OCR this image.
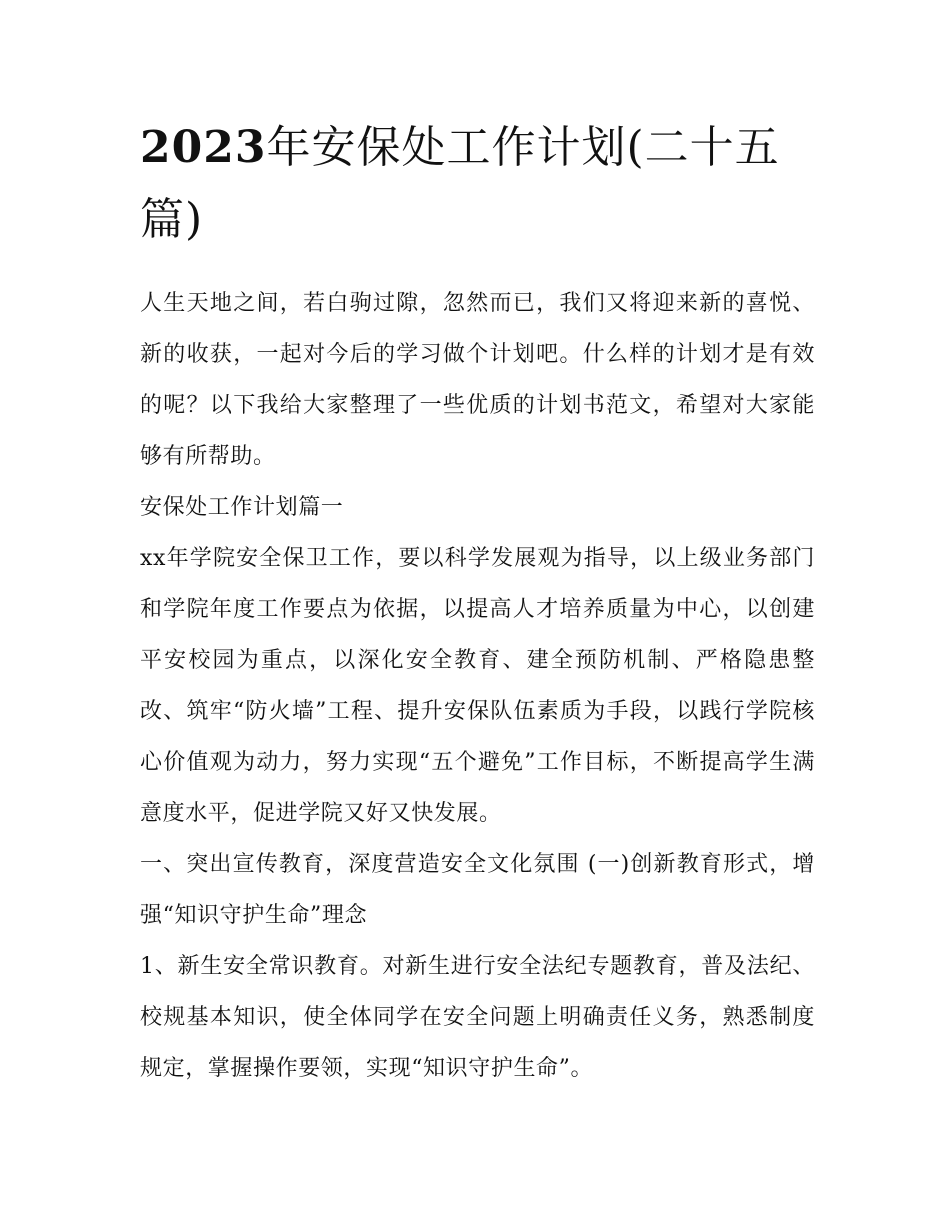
2023年安保处工作计划(二十五篇)

人生天地之间，若白驹过隙，忽然而已，我们又将迎来新的喜悦、新的收获，一起对今后的学习做个计划吧。什么样的计划才是有效的呢？以下我给大家整理了一些优质的计划书范文，希望对大家能够有所帮助。

安保处工作计划篇一

xx年学院安全保卫工作，要以科学发展观为指导，以上级业务部门和学院年度工作要点为依据，以提高人才培养质量为中心，以创建平安校园为重点，以深化安全教育、建全预防机制、严格隐患整改、筑牢“防火墙”工程、提升安保队伍素质为手段，以践行学院核心价值观为动力，努力实现“五个避免”工作目标，不断提高学生满意度水平，促进学院又好又快发展。

一、突出宣传教育，深度营造安全文化氛围 (一)创新教育形式，增强“知识守护生命”理念

1、新生安全常识教育。对新生进行安全法纪专题教育，普及法纪、校规基本知识，使全体同学在安全问题上明确责任义务，熟悉制度规定，掌握操作要领，实现“知识守护生命”。
